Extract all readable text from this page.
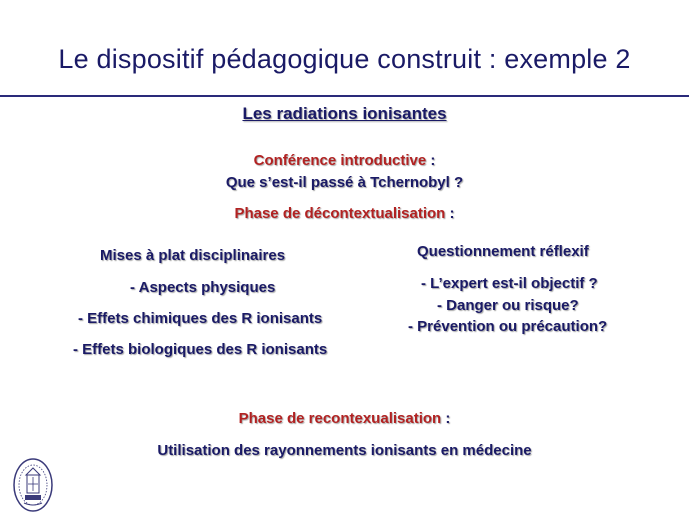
Le dispositif pédagogique construit : exemple 2
Les radiations ionisantes
Conférence introductive :
Que s’est-il passé à Tchernobyl ?
Phase de décontextualisation :
Mises à plat disciplinaires
- Aspects physiques
- Effets chimiques des R ionisants
- Effets biologiques des R ionisants
Questionnement réflexif
- L’expert est-il objectif ?
- Danger ou risque?
- Prévention ou précaution?
Phase de recontexualisation :
Utilisation des rayonnements ionisants en médecine
